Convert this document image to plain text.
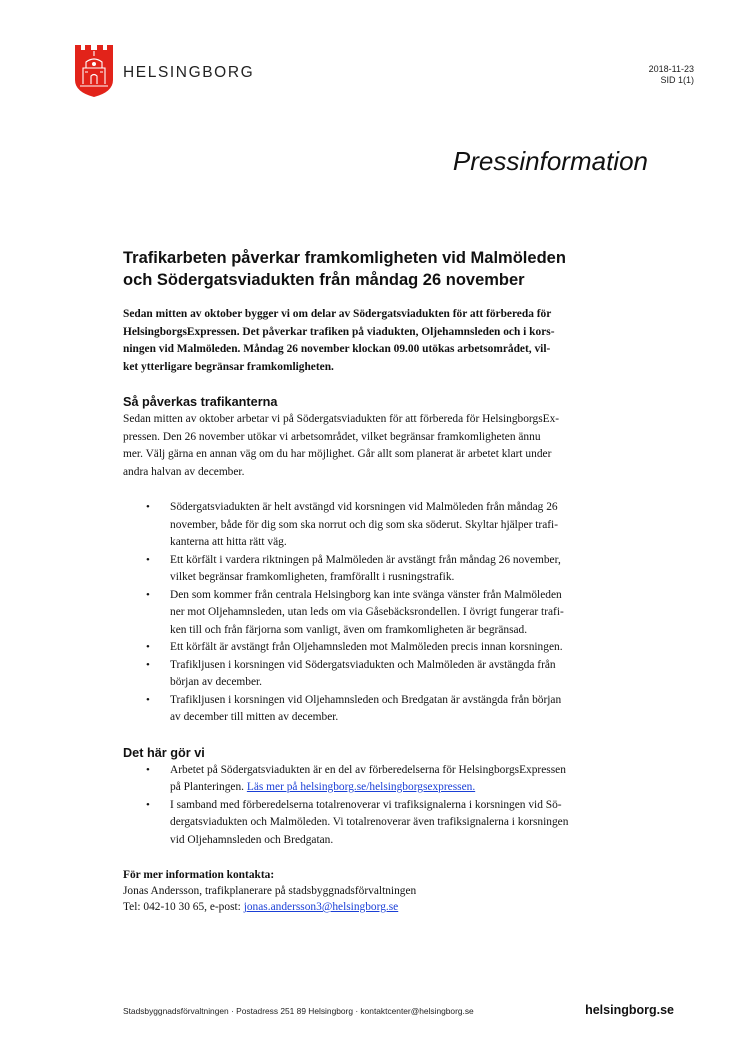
HELSINGBORG	2018-11-23
SID 1(1)
Pressinformation
Trafikarbeten påverkar framkomligheten vid Malmöleden
och Södergatsviadukten från måndag 26 november

Sedan mitten av oktober bygger vi om delar av Södergatsviadukten för att förbereda för
HelsingborgsExpressen. Det påverkar trafiken på viadukten, Oljehamnsleden och i kors-
ningen vid Malmöleden. Måndag 26 november klockan 09.00 utökas arbetsområdet, vil-
ket ytterligare begränsar framkomligheten.

Så påverkas trafikanterna

Sedan mitten av oktober arbetar vi på Södergatsviadukten för att förbereda för HelsingborgsEx-
pressen. Den 26 november utökar vi arbetsområdet, vilket begränsar framkomligheten ännu
mer. Välj gärna en annan väg om du har möjlighet. Går allt som planerat är arbetet klart under
andra halvan av december.

• Södergatsviadukten är helt avstängd vid korsningen vid Malmöleden från måndag 26
november, både för dig som ska norrut och dig som ska söderut. Skyltar hjälper trafi-
kanterna att hitta rätt väg.
• Ett körfält i vardera riktningen på Malmöleden är avstängt från måndag 26 november,
vilket begränsar framkomligheten, framförallt i rusningstrafik.
• Den som kommer från centrala Helsingborg kan inte svänga vänster från Malmöleden
ner mot Oljehamnsleden, utan leds om via Gåsebäcksrondellen. I övrigt fungerar trafi-
ken till och från färjorna som vanligt, även om framkomligheten är begränsad.
• Ett körfält är avstängt från Oljehamnsleden mot Malmöleden precis innan korsningen.
• Trafikljusen i korsningen vid Södergatsviadukten och Malmöleden är avstängda från
början av december.
• Trafikljusen i korsningen vid Oljehamnsleden och Bredgatan är avstängda från början
av december till mitten av december.
Det här gör vi
• Arbetet på Södergatsviadukten är en del av förberedelserna för HelsingborgsExpressen
på Planteringen. Läs mer på helsingborg.se/helsingborgsexpressen.
• I samband med förberedelserna totalrenoverar vi trafiksignalerna i korsningen vid Sö-
dergatsviadukten och Malmöleden. Vi totalrenoverar även trafiksignalerna i korsningen
vid Oljehamnsleden och Bredgatan.

För mer information kontakta:

Jonas Andersson, trafikplanerare på stadsbyggnadsförvaltningen

Tel: 042-10 30 65, e-post: jonas.andersson3@helsingborg.se

Stadsbyggnadsförvaltningen · Postadress 251 89 Helsingborg · kontaktcenter@helsingborg.se	helsingborg.se
